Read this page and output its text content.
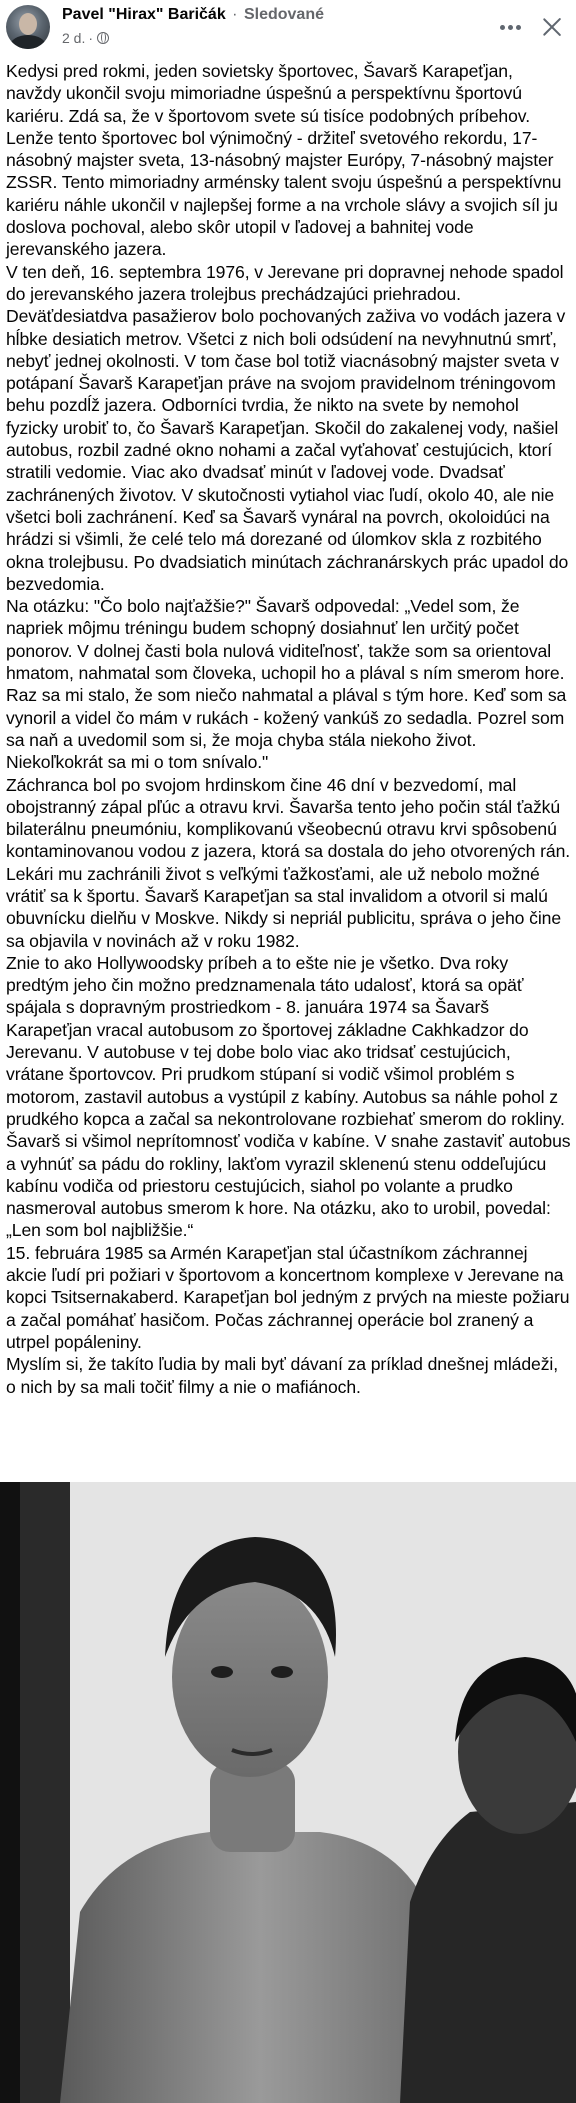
Pavel "Hirax" Baričák · Sledované
2 d. ·

Kedysi pred rokmi, jeden sovietsky športovec, Šavarš Karapeťjan, navždy ukončil svoju mimoriadne úspešnú a perspektívnu športovú kariéru. Zdá sa, že v športovom svete sú tisíce podobných príbehov. Lenže tento športovec bol výnimočný - držiteľ svetového rekordu, 17-násobný majster sveta, 13-násobný majster Európy, 7-násobný majster ZSSR. Tento mimoriadny arménsky talent svoju úspešnú a perspektívnu kariéru náhle ukončil v najlepšej forme a na vrchole slávy a svojich síl ju doslova pochoval, alebo skôr utopil v ľadovej a bahnitej vode jerevanského jazera.

V ten deň, 16. septembra 1976, v Jerevane pri dopravnej nehode spadol do jerevanského jazera trolejbus prechádzajúci priehradou. Deväťdesiatdva pasažierov bolo pochovaných zaživa vo vodách jazera v hĺbke desiatich metrov. Všetci z nich boli odsúdení na nevyhnutnú smrť, nebyť jednej okolnosti. V tom čase bol totiž viacnásobný majster sveta v potápaní Šavarš Karapeťjan práve na svojom pravidelnom tréningovom behu pozdĺž jazera. Odborníci tvrdia, že nikto na svete by nemohol fyzicky urobiť to, čo Šavarš Karapeťjan. Skočil do zakalenej vody, našiel autobus, rozbil zadné okno nohami a začal vyťahovať cestujúcich, ktorí stratili vedomie. Viac ako dvadsať minút v ľadovej vode. Dvadsať zachránených životov. V skutočnosti vytiahol viac ľudí, okolo 40, ale nie všetci boli zachránení. Keď sa Šavarš vynáral na povrch, okoloidúci na hrádzi si všimli, že celé telo má dorezané od úlomkov skla z rozbitého okna trolejbusu. Po dvadsiatich minútach záchranárskych prác upadol do bezvedomia.

Na otázku: "Čo bolo najťažšie?" Šavarš odpovedal: „Vedel som, že napriek môjmu tréningu budem schopný dosiahnuť len určitý počet ponorov. V dolnej časti bola nulová viditeľnosť, takže som sa orientoval hmatom, nahmatal som človeka, uchopil ho a plával s ním smerom hore. Raz sa mi stalo, že som niečo nahmatal a plával s tým hore. Keď som sa vynoril a videl čo mám v rukách - kožený vankúš zo sedadla. Pozrel som sa naň a uvedomil som si, že moja chyba stála niekoho život. Niekoľkokrát sa mi o tom snívalo."

Záchranca bol po svojom hrdinskom čine 46 dní v bezvedomí, mal obojstranný zápal pľúc a otravu krvi. Šavarša tento jeho počin stál ťažkú bilaterálnu pneumóniu, komplikovanú všeobecnú otravu krvi spôsobenú kontaminovanou vodou z jazera, ktorá sa dostala do jeho otvorených rán. Lekári mu zachránili život s veľkými ťažkosťami, ale už nebolo možné vrátiť sa k športu. Šavarš Karapeťjan sa stal invalidom a otvoril si malú obuvnícku dielňu v Moskve. Nikdy si nepriál publicitu, správa o jeho čine sa objavila v novinách až v roku 1982.

Znie to ako Hollywoodsky príbeh a to ešte nie je všetko. Dva roky predtým jeho čin možno predznamenala táto udalosť, ktorá sa opäť spájala s dopravným prostriedkom - 8. januára 1974 sa Šavarš Karapeťjan vracal autobusom zo športovej základne Cakhkadzor do Jerevanu. V autobuse v tej dobe bolo viac ako tridsať cestujúcich, vrátane športovcov. Pri prudkom stúpaní si vodič všimol problém s motorom, zastavil autobus a vystúpil z kabíny. Autobus sa náhle pohol z prudkého kopca a začal sa nekontrolovane rozbiehať smerom do rokliny. Šavarš si všimol neprítomnosť vodiča v kabíne. V snahe zastaviť autobus a vyhnúť sa pádu do rokliny, lakťom vyrazil sklenenú stenu oddeľujúcu kabínu vodiča od priestoru cestujúcich, siahol po volante a prudko nasmeroval autobus smerom k hore. Na otázku, ako to urobil, povedal: „Len som bol najbližšie.“

15. februára 1985 sa Armén Karapeťjan stal účastníkom záchrannej akcie ľudí pri požiari v športovom a koncertnom komplexe v Jerevane na kopci Tsitsernakaberd. Karapeťjan bol jedným z prvých na mieste požiaru a začal pomáhať hasičom. Počas záchrannej operácie bol zranený a utrpel popáleniny.

Myslím si, že takíto ľudia by mali byť dávaní za príklad dnešnej mládeži, o nich by sa mali točiť filmy a nie o mafiánoch.
